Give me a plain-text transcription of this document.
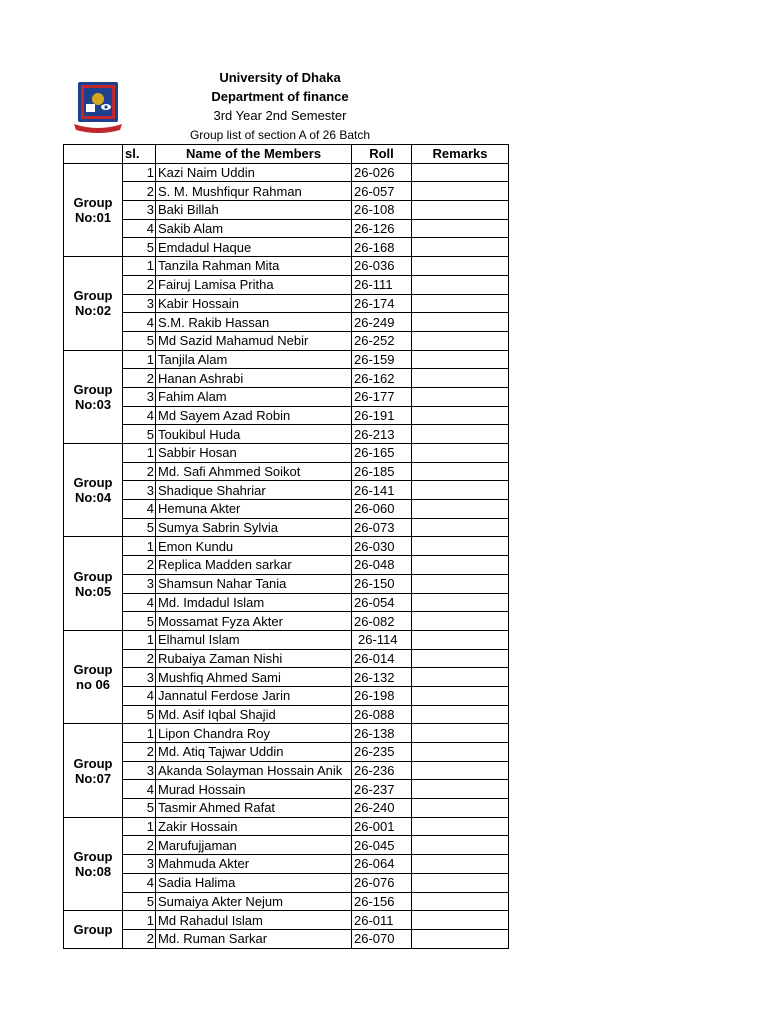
University of Dhaka
Department of finance
3rd Year 2nd Semester
Group list of section A of 26 Batch
	sl.	Name of the Members	Roll	Remarks
Group No:01	1	Kazi Naim Uddin	26-026	
	2	S. M. Mushfiqur Rahman	26-057	
	3	Baki Billah	26-108	
	4	Sakib Alam	26-126	
	5	Emdadul Haque	26-168	
Group No:02	1	Tanzila Rahman Mita	26-036	
	2	Fairuj Lamisa Pritha	26-111	
	3	Kabir Hossain	26-174	
	4	S.M. Rakib Hassan	26-249	
	5	Md Sazid Mahamud Nebir	26-252	
Group No:03	1	Tanjila Alam	26-159	
	2	Hanan Ashrabi	26-162	
	3	Fahim Alam	26-177	
	4	Md Sayem Azad Robin	26-191	
	5	Toukibul Huda	26-213	
Group No:04	1	Sabbir Hosan	26-165	
	2	Md. Safi Ahmmed Soikot	26-185	
	3	Shadique Shahriar	26-141	
	4	Hemuna Akter	26-060	
	5	Sumya Sabrin Sylvia	26-073	
Group No:05	1	Emon Kundu	26-030	
	2	Replica Madden sarkar	26-048	
	3	Shamsun Nahar Tania	26-150	
	4	Md. Imdadul Islam	26-054	
	5	Mossamat Fyza Akter	26-082	
Group no 06	1	Elhamul Islam	26-114	
	2	Rubaiya Zaman Nishi	26-014	
	3	Mushfiq Ahmed Sami	26-132	
	4	Jannatul Ferdose Jarin	26-198	
	5	Md. Asif Iqbal Shajid	26-088	
Group No:07	1	Lipon Chandra Roy	26-138	
	2	Md. Atiq Tajwar Uddin	26-235	
	3	Akanda Solayman Hossain Anik	26-236	
	4	Murad Hossain	26-237	
	5	Tasmir Ahmed Rafat	26-240	
Group No:08	1	Zakir Hossain	26-001	
	2	Marufujjaman	26-045	
	3	Mahmuda Akter	26-064	
	4	Sadia Halima	26-076	
	5	Sumaiya Akter Nejum	26-156	
Group	1	Md Rahadul Islam	26-011	
	2	Md. Ruman Sarkar	26-070	
